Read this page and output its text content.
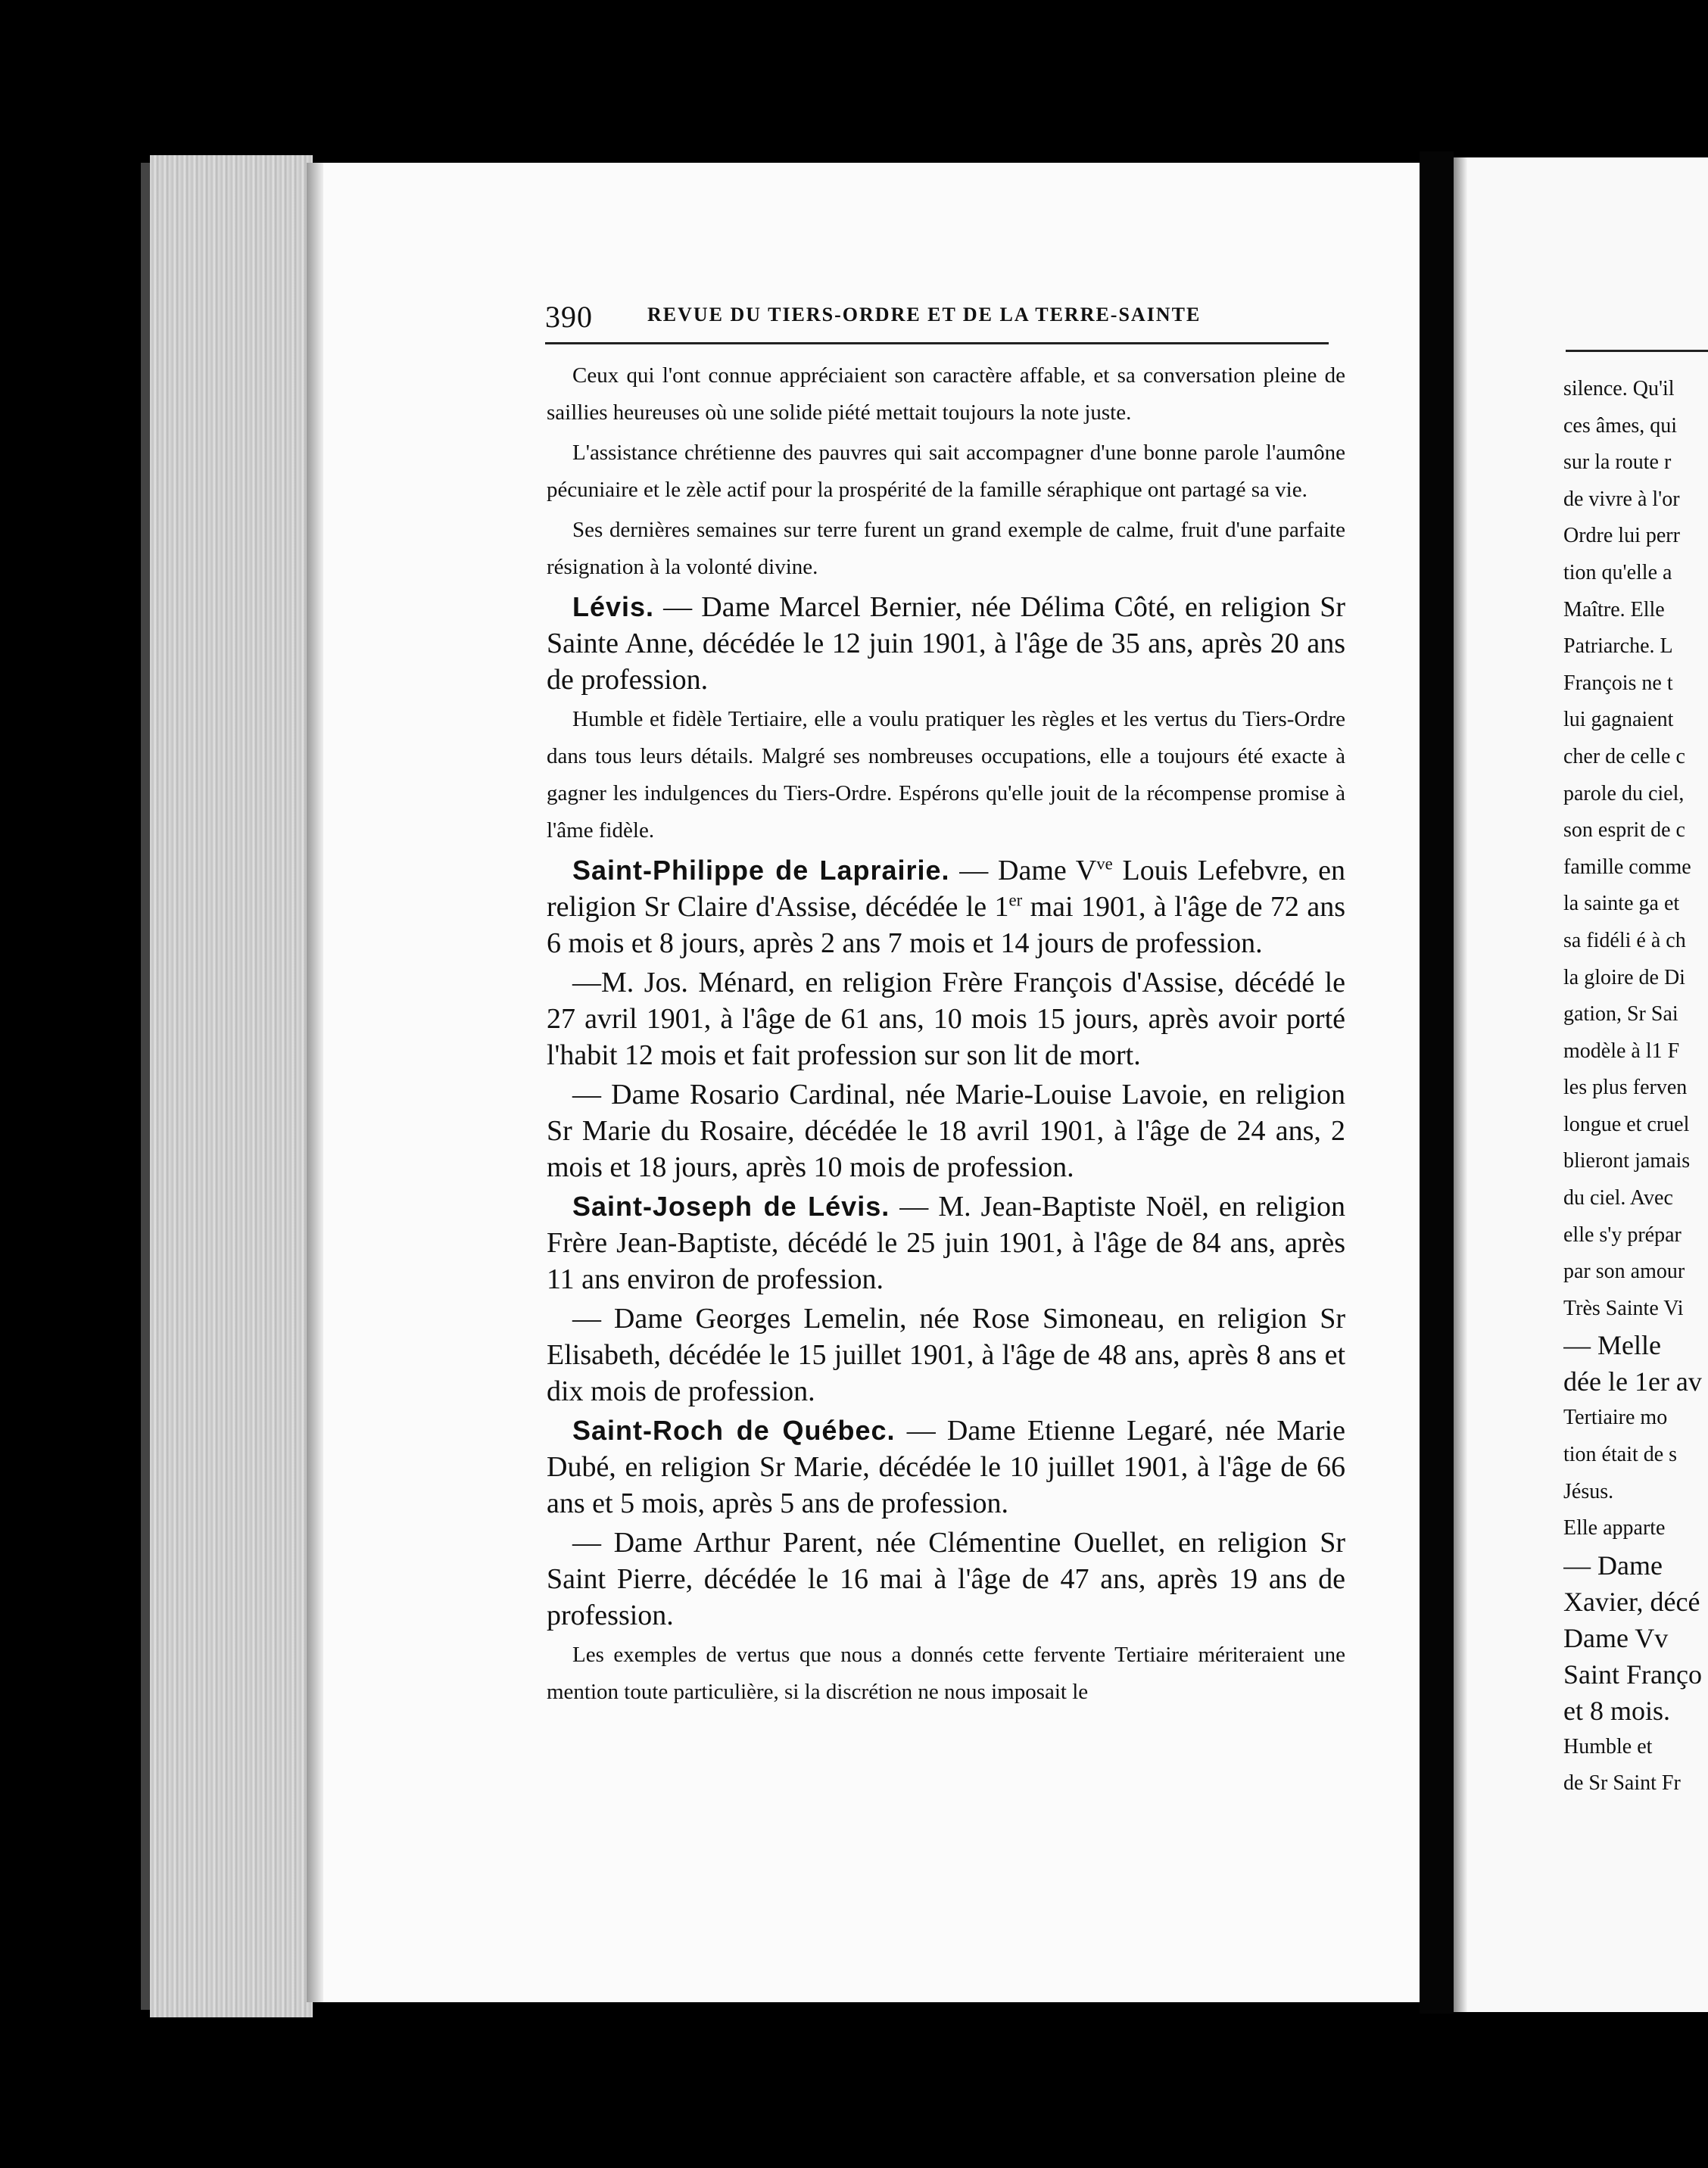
390	REVUE DU TIERS-ORDRE ET DE LA TERRE-SAINTE

Ceux qui l'ont connue appréciaient son caractère affable, et sa conversation pleine de saillies heureuses où une solide piété mettait toujours la note juste.

L'assistance chrétienne des pauvres qui sait accompagner d'une bonne parole l'aumône pécuniaire et le zèle actif pour la prospérité de la famille séraphique ont partagé sa vie.

Ses dernières semaines sur terre furent un grand exemple de calme, fruit d'une parfaite résignation à la volonté divine.

Lévis. — Dame Marcel Bernier, née Délima Côté, en religion Sr Sainte Anne, décédée le 12 juin 1901, à l'âge de 35 ans, après 20 ans de profession.

Humble et fidèle Tertiaire, elle a voulu pratiquer les règles et les vertus du Tiers-Ordre dans tous leurs détails. Malgré ses nombreuses occupations, elle a toujours été exacte à gagner les indulgences du Tiers-Ordre. Espérons qu'elle jouit de la récompense promise à l'âme fidèle.

Saint-Philippe de Laprairie. — Dame $V^{ve}$ Louis Lefebvre, en religion Sr Claire d'Assise, décédée le 1er mai 1901, à l'âge de 72 ans 6 mois et 8 jours, après 2 ans 7 mois et 14 jours de profession.

—M. Jos. Ménard, en religion Frère François d'Assise, décédé le 27 avril 1901, à l'âge de 61 ans, 10 mois 15 jours, après avoir porté l'habit 12 mois et fait profession sur son lit de mort.

— Dame Rosario Cardinal, née Marie-Louise Lavoie, en religion Sr Marie du Rosaire, décédée le 18 avril 1901, à l'âge de 24 ans, 2 mois et 18 jours, après 10 mois de profession.

Saint-Joseph de Lévis. — M. Jean-Baptiste Noël, en religion Frère Jean-Baptiste, décédé le 25 juin 1901, à l'âge de 84 ans, après 11 ans environ de profession.

— Dame Georges Lemelin, née Rose Simoneau, en religion Sr Elisabeth, décédée le 15 juillet 1901, à l'âge de 48 ans, après 8 ans et dix mois de profession.

Saint-Roch de Québec. — Dame Etienne Legaré, née Marie Dubé, en religion Sr Marie, décédée le 10 juillet 1901, à l'âge de 66 ans et 5 mois, après 5 ans de profession.

— Dame Arthur Parent, née Clémentine Ouellet, en religion Sr Saint Pierre, décédée le 16 mai à l'âge de 47 ans, après 19 ans de profession.

Les exemples de vertus que nous a donnés cette fervente Tertiaire mériteraient une mention toute particulière, si la discrétion ne nous imposait le

silence. Qu'il

ces âmes, qui

sur la route r

de vivre à l'or

Ordre lui perr

tion qu'elle a

Maître. Elle

Patriarche. L

François ne t

lui gagnaient

cher de celle c

parole du ciel,

son esprit de c

famille comme

la sainte ga et

sa fidéli é à ch

la gloire de Di

gation, Sr Sai

modèle à l1 F

les plus ferven

longue et cruel

blieront jamais

du ciel. Avec

elle s'y prépar

par son amour

Très Sainte Vi

— Melle

dée le 1er av

Tertiaire mo

tion était de s

Jésus.

Elle apparte

— Dame

Xavier, décé

Dame Vv

Saint Franço

et 8 mois.

Humble et

de Sr Saint Fr
